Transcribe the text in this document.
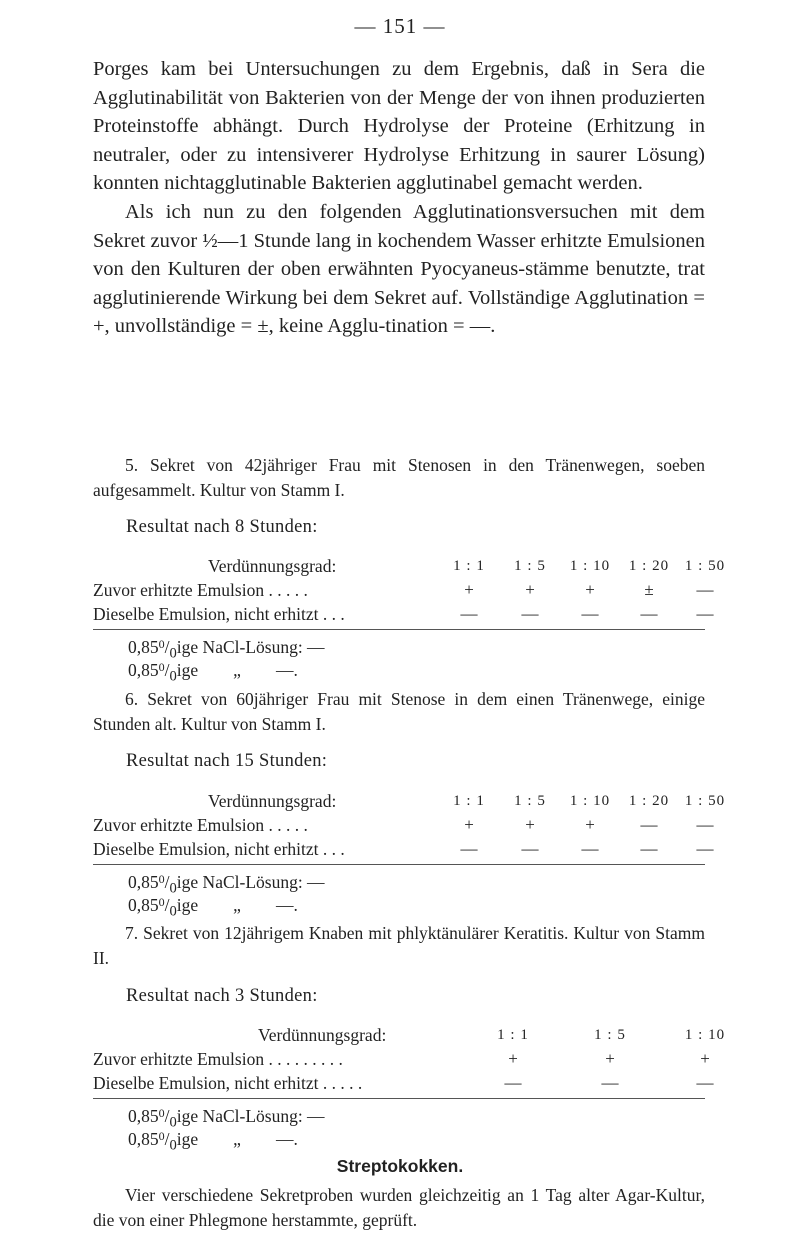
— 151 —

Porges kam bei Untersuchungen zu dem Ergebnis, daß in Sera die Agglutinabilität von Bakterien von der Menge der von ihnen produzierten Proteinstoffe abhängt. Durch Hydrolyse der Proteine (Erhitzung in neutraler, oder zu intensiverer Hydrolyse Erhitzung in saurer Lösung) konnten nichtagglutinable Bakterien agglutinabel gemacht werden.

Als ich nun zu den folgenden Agglutinationsversuchen mit dem Sekret zuvor ½—1 Stunde lang in kochendem Wasser erhitzte Emulsionen von den Kulturen der oben erwähnten Pyocyaneus-stämme benutzte, trat agglutinierende Wirkung bei dem Sekret auf. Vollständige Agglutination = +, unvollständige = ±, keine Agglu-tination = —.

5. Sekret von 42jähriger Frau mit Stenosen in den Tränenwegen, soeben aufgesammelt. Kultur von Stamm I.

Resultat nach 8 Stunden:
Verdünnungsgrad:	1 : 1	1 : 5	1 : 10	1 : 20	1 : 50
Zuvor erhitzte Emulsion . . . . .	+	+	+	±	—
Dieselbe Emulsion, nicht erhitzt . . .	—	—	—	—	—
$0,85^0/_0ige$ NaCl-Lösung: —
$0,85^0/_0ige$        „        —.

6. Sekret von 60jähriger Frau mit Stenose in dem einen Tränenwege, einige Stunden alt. Kultur von Stamm I.

Resultat nach 15 Stunden:
Verdünnungsgrad:	1 : 1	1 : 5	1 : 10	1 : 20	1 : 50
Zuvor erhitzte Emulsion . . . . .	+	+	+	—	—
Dieselbe Emulsion, nicht erhitzt . . .	—	—	—	—	—
$0,85^0/_0ige$ NaCl-Lösung: —
$0,85^0/_0ige$        „        —.

7. Sekret von 12jährigem Knaben mit phlyktänulärer Keratitis. Kultur von Stamm II.

Resultat nach 3 Stunden:
Verdünnungsgrad:	1 : 1	1 : 5	1 : 10
Zuvor erhitzte Emulsion . . . . . . . . .	+	+	+
Dieselbe Emulsion, nicht erhitzt . . . . .	—	—	—
$0,85^0/_0ige$ NaCl-Lösung: —
$0,85^0/_0ige$        „        —.
Streptokokken.

Vier verschiedene Sekretproben wurden gleichzeitig an 1 Tag alter Agar-Kultur, die von einer Phlegmone herstammte, geprüft.
